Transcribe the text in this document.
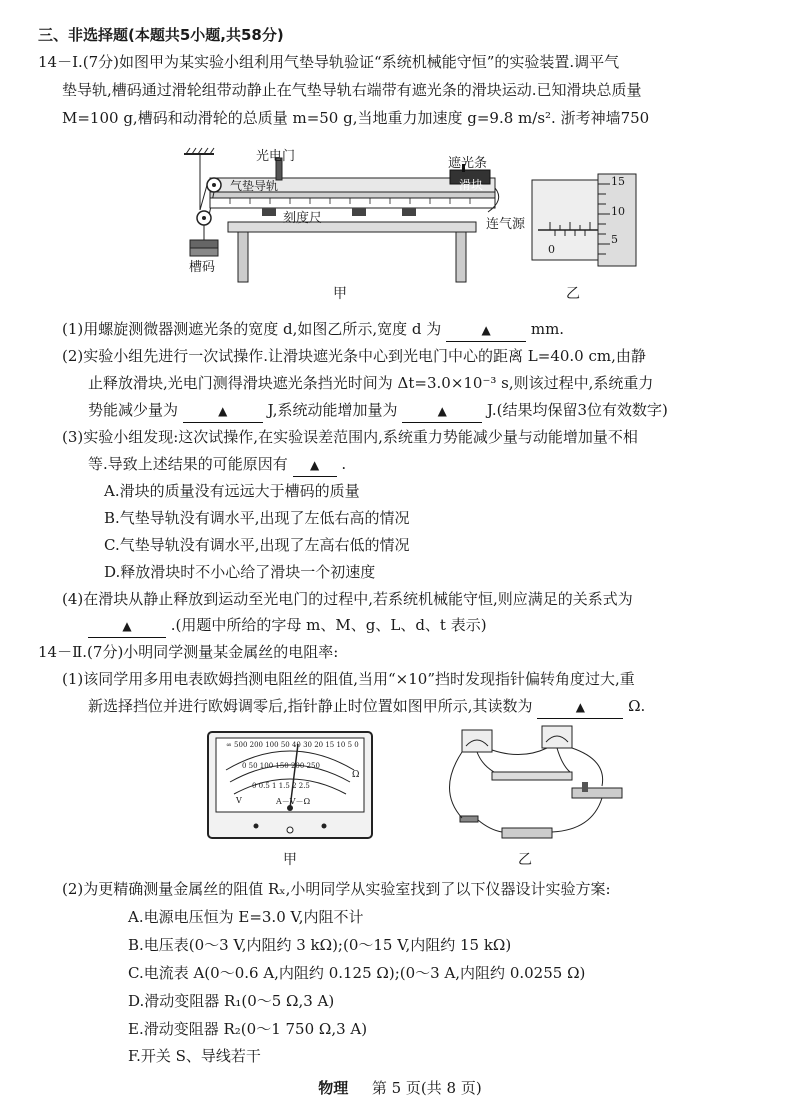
三、非选择题(本题共5小题,共58分)
14－Ⅰ.(7分)如图甲为某实验小组利用气垫导轨验证“系统机械能守恒”的实验装置.调平气
垫导轨,槽码通过滑轮组带动静止在气垫导轨右端带有遮光条的滑块运动.已知滑块总质量
M=100 g,槽码和动滑轮的总质量 m=50 g,当地重力加速度 g=9.8 m/s². 浙考神墙750
光电门	遮光条
气垫导轨	滑块
刻度尺	连气源
槽码
甲
15
10
5
0
乙
(1)用螺旋测微器测遮光条的宽度 d,如图乙所示,宽度 d 为	▲	mm.
(2)实验小组先进行一次试操作.让滑块遮光条中心到光电门中心的距离 L=40.0 cm,由静
止释放滑块,光电门测得滑块遮光条挡光时间为 Δt=3.0×10⁻³ s,则该过程中,系统重力
势能减少量为	▲	J,系统动能增加量为	▲	J.(结果均保留3位有效数字)
(3)实验小组发现:这次试操作,在实验误差范围内,系统重力势能减少量与动能增加量不相
等.导致上述结果的可能原因有 ▲ .
A.滑块的质量没有远远大于槽码的质量
B.气垫导轨没有调水平,出现了左低右高的情况
C.气垫导轨没有调水平,出现了左高右低的情况
D.释放滑块时不小心给了滑块一个初速度
(4)在滑块从静止释放到运动至光电门的过程中,若系统机械能守恒,则应满足的关系式为
▲	.(用题中所给的字母 m、M、g、L、d、t 表示)
14－Ⅱ.(7分)小明同学测量某金属丝的电阻率:
(1)该同学用多用电表欧姆挡测电阻丝的阻值,当用“×10”挡时发现指针偏转角度过大,重
新选择挡位并进行欧姆调零后,指针静止时位置如图甲所示,其读数为	▲	Ω.
∞ 500 200 100 50 40 30 20 15 10 5 0
0 50 100 150 200 250
0 0.5 1 1.5 2 2.5
Ω
A－V－Ω
V
甲	乙
(2)为更精确测量金属丝的阻值 Rₓ,小明同学从实验室找到了以下仪器设计实验方案:
A.电源电压恒为 E=3.0 V,内阻不计
B.电压表(0～3 V,内阻约 3 kΩ);(0～15 V,内阻约 15 kΩ)
C.电流表 A(0～0.6 A,内阻约 0.125 Ω);(0～3 A,内阻约 0.0255 Ω)
D.滑动变阻器 R₁(0～5 Ω,3 A)
E.滑动变阻器 R₂(0～1 750 Ω,3 A)
F.开关 S、导线若干
物理 第 5 页(共 8 页)
